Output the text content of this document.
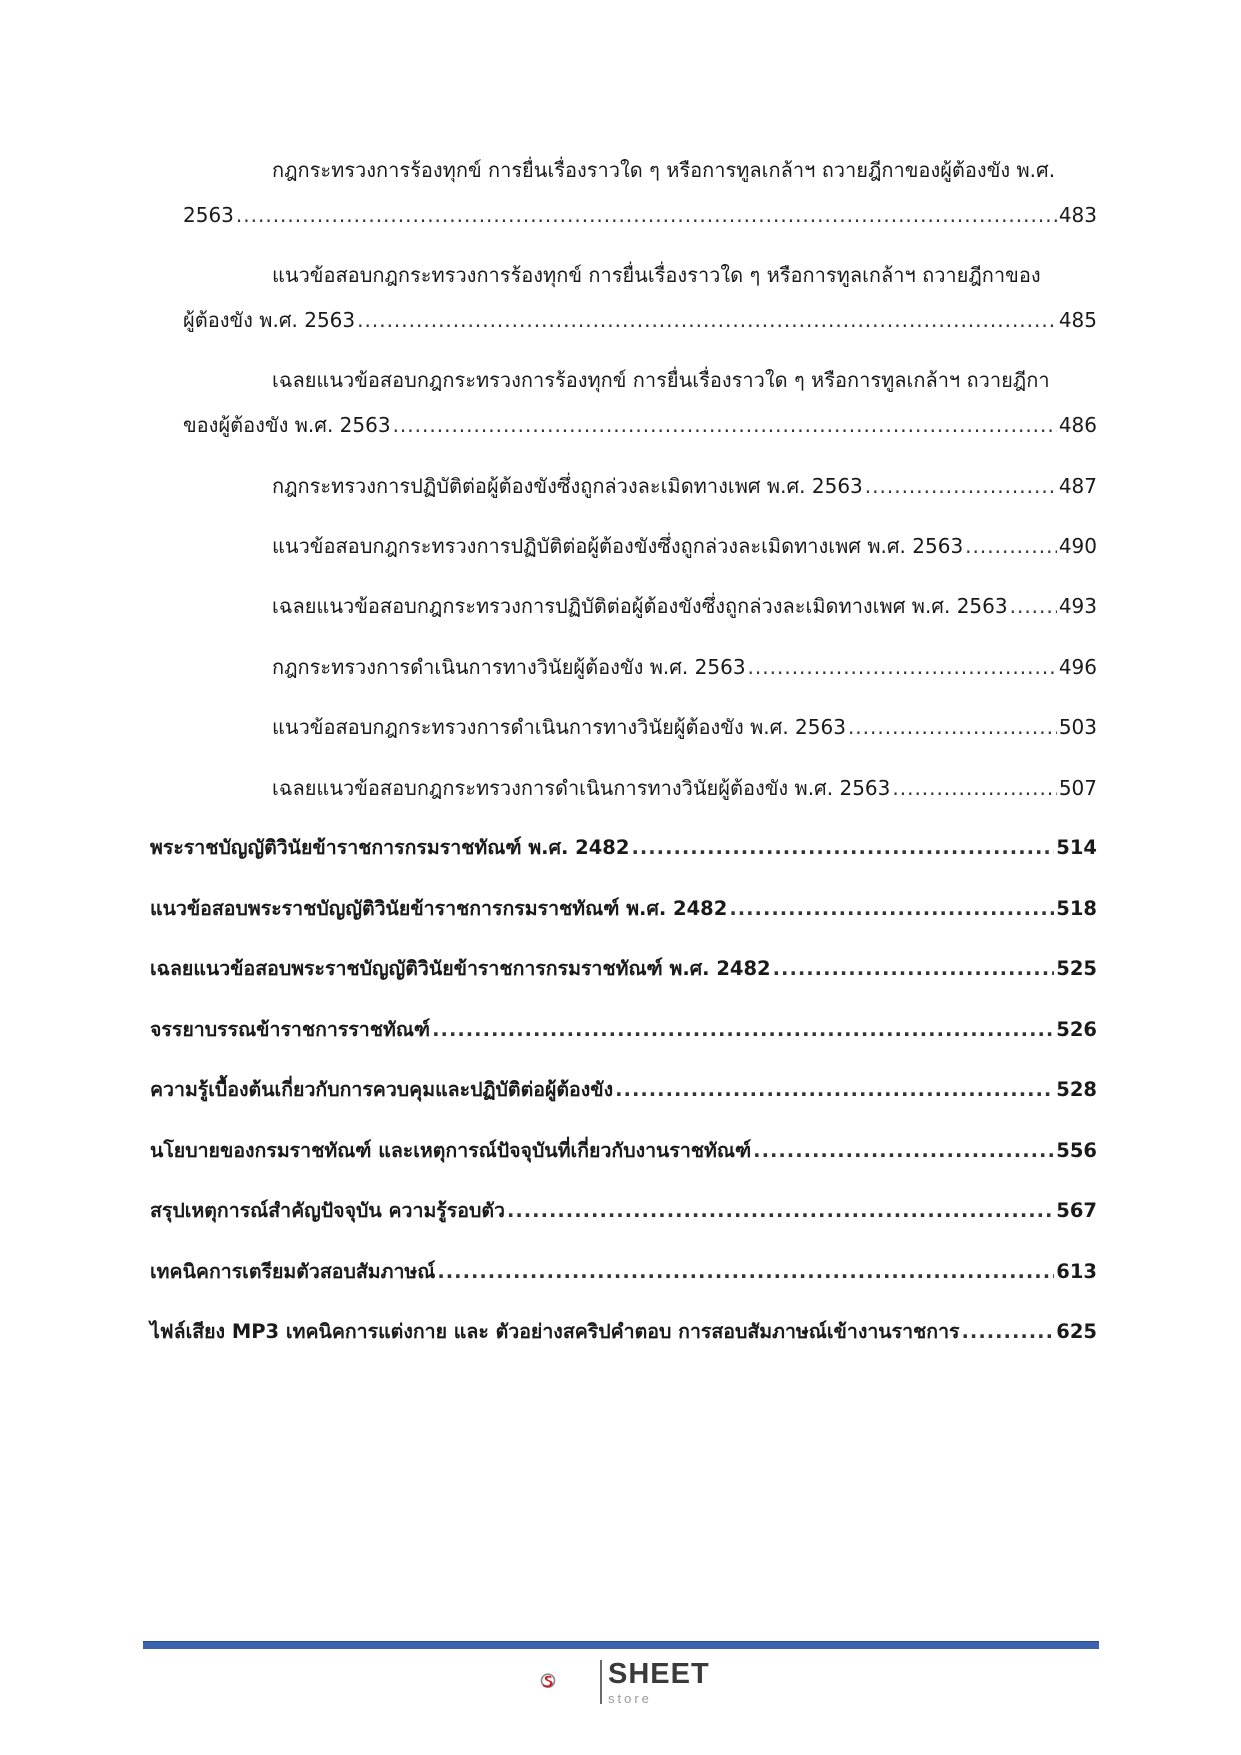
กฎกระทรวงการร้องทุกข์ การยื่นเรื่องราวใด ๆ หรือการทูลเกล้าฯ ถวายฎีกาของผู้ต้องขัง พ.ศ.
2563 .....	483
แนวข้อสอบกฎกระทรวงการร้องทุกข์ การยื่นเรื่องราวใด ๆ หรือการทูลเกล้าฯ ถวายฎีกาของ
ผู้ต้องขัง พ.ศ. 2563 .....	485
เฉลยแนวข้อสอบกฎกระทรวงการร้องทุกข์ การยื่นเรื่องราวใด ๆ หรือการทูลเกล้าฯ ถวายฎีกา
ของผู้ต้องขัง พ.ศ. 2563 .....	486
กฎกระทรวงการปฏิบัติต่อผู้ต้องขังซึ่งถูกล่วงละเมิดทางเพศ พ.ศ. 2563 .....	487
แนวข้อสอบกฎกระทรวงการปฏิบัติต่อผู้ต้องขังซึ่งถูกล่วงละเมิดทางเพศ พ.ศ. 2563 .....	490
เฉลยแนวข้อสอบกฎกระทรวงการปฏิบัติต่อผู้ต้องขังซึ่งถูกล่วงละเมิดทางเพศ พ.ศ. 2563 .....	493
กฎกระทรวงการดำเนินการทางวินัยผู้ต้องขัง พ.ศ. 2563 .....	496
แนวข้อสอบกฎกระทรวงการดำเนินการทางวินัยผู้ต้องขัง พ.ศ. 2563 .....	503
เฉลยแนวข้อสอบกฎกระทรวงการดำเนินการทางวินัยผู้ต้องขัง พ.ศ. 2563 .....	507
พระราชบัญญัติวินัยข้าราชการกรมราชทัณฑ์ พ.ศ. 2482 .....	514
แนวข้อสอบพระราชบัญญัติวินัยข้าราชการกรมราชทัณฑ์ พ.ศ. 2482 .....	518
เฉลยแนวข้อสอบพระราชบัญญัติวินัยข้าราชการกรมราชทัณฑ์ พ.ศ. 2482 .....	525
จรรยาบรรณข้าราชการราชทัณฑ์ .....	526
ความรู้เบื้องต้นเกี่ยวกับการควบคุมและปฏิบัติต่อผู้ต้องขัง .....	528
นโยบายของกรมราชทัณฑ์ และเหตุการณ์ปัจจุบันที่เกี่ยวกับงานราชทัณฑ์ .....	556
สรุปเหตุการณ์สำคัญปัจจุบัน ความรู้รอบตัว .....	567
เทคนิคการเตรียมตัวสอบสัมภาษณ์ .....	613
ไฟล์เสียง MP3 เทคนิคการแต่งกาย และ ตัวอย่างสคริปคำตอบ การสอบสัมภาษณ์เข้างานราชการ .....	625
SHEET
store
